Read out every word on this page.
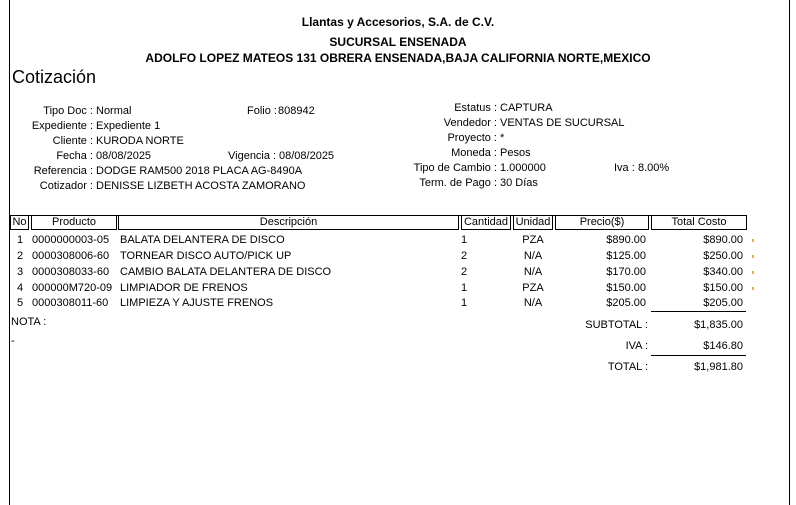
Llantas y Accesorios, S.A. de C.V.
SUCURSAL ENSENADA
ADOLFO LOPEZ MATEOS 131 OBRERA ENSENADA,BAJA CALIFORNIA NORTE,MEXICO
Cotización
Tipo Doc : Normal
Expediente : Expediente 1
Cliente : KURODA NORTE
Fecha : 08/08/2025
Referencia : DODGE RAM500 2018 PLACA AG-8490A
Cotizador : DENISSE LIZBETH ACOSTA ZAMORANO
Folio : 808942
Vigencia : 08/08/2025
Estatus : CAPTURA
Vendedor : VENTAS DE SUCURSAL
Proyecto : *
Moneda : Pesos
Tipo de Cambio : 1.000000
Term. de Pago : 30 Días
Iva : 8.00%
No	Producto	Descripción	Cantidad Unidad	Precio($)	Total Costo
1 0000000003-05 BALATA DELANTERA DE DISCO	1	PZA	$890.00	$890.00
2 0000308006-60 TORNEAR DISCO AUTO/PICK UP	2	N/A	$125.00	$250.00
3 0000308033-60 CAMBIO BALATA DELANTERA DE DISCO	2	N/A	$170.00	$340.00
4 000000M720-09 LIMPIADOR DE FRENOS	1	PZA	$150.00	$150.00
5 0000308011-60 LIMPIEZA Y AJUSTE FRENOS	1	N/A	$205.00	$205.00
NOTA :
-
SUBTOTAL :	$1,835.00
IVA :	$146.80
TOTAL :	$1,981.80
